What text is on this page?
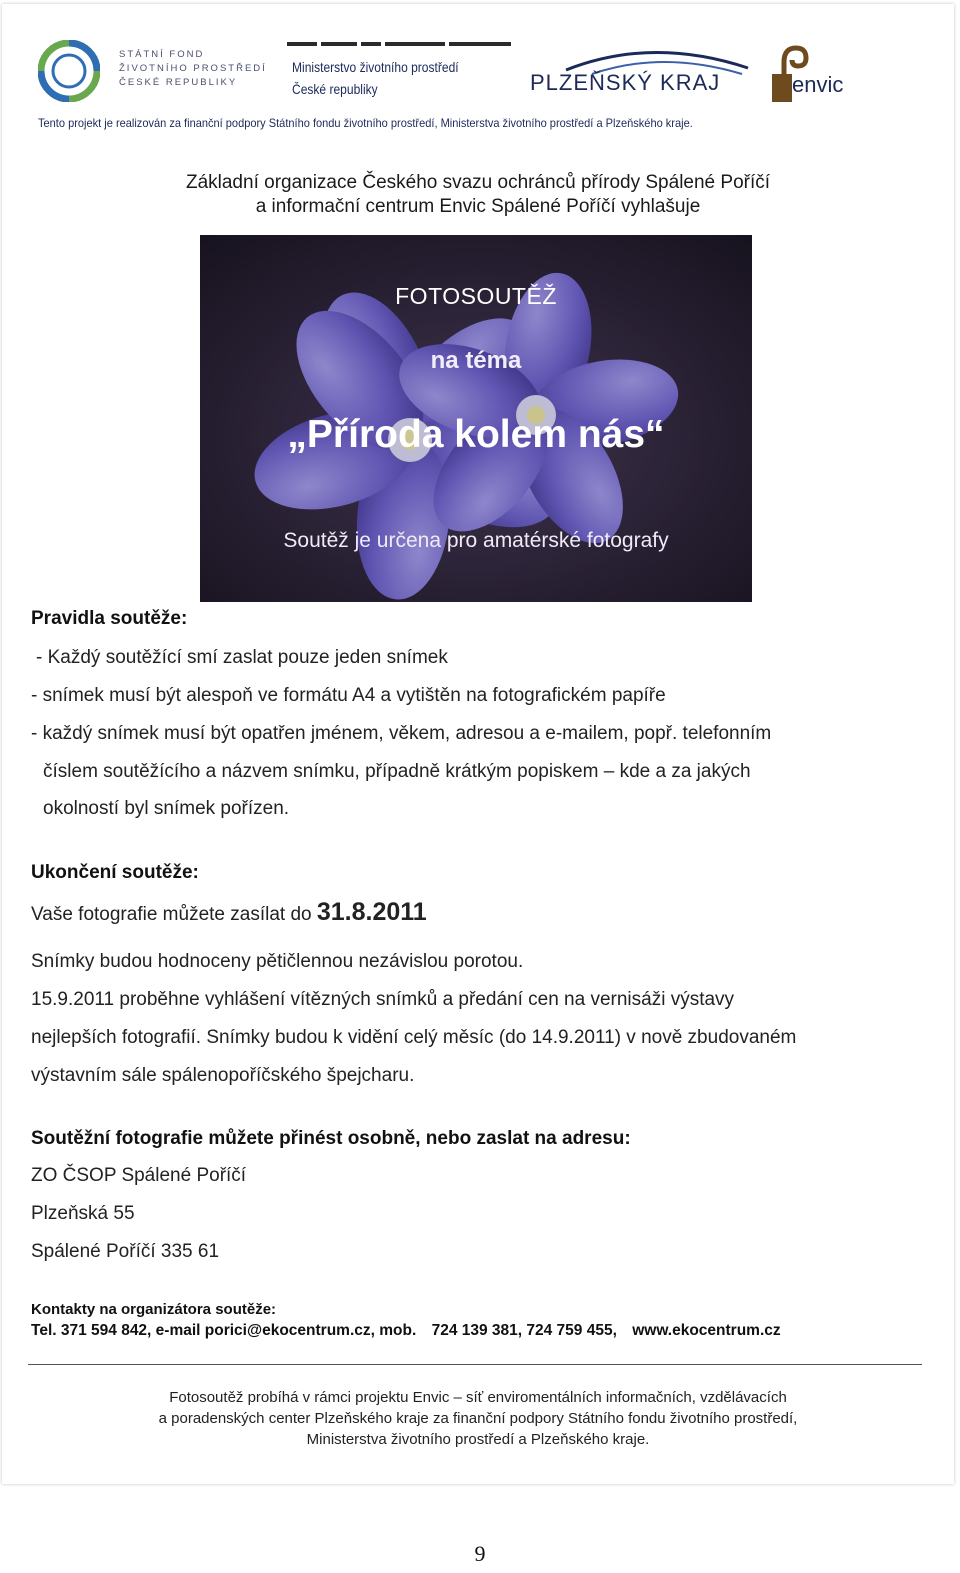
STÁTNÍ FOND
ŽIVOTNÍHO PROSTŘEDÍ
ČESKÉ REPUBLIKY
Ministerstvo životního prostředí
České republiky	PLZEŇSKÝ KRAJ	envic
Tento projekt je realizován za finanční podpory Státního fondu životního prostředí, Ministerstva životního prostředí a Plzeňského kraje.
Základní organizace Českého svazu ochránců přírody Spálené Poříčí
a informační centrum Envic Spálené Poříčí vyhlašuje
FOTOSOUTĚŽ
na téma
„Příroda kolem nás“
Soutěž je určena pro amatérské fotografy
Pravidla soutěže:
- Každý soutěžící smí zaslat pouze jeden snímek
- snímek musí být alespoň ve formátu A4 a vytištěn na fotografickém papíře
- každý snímek musí být opatřen jménem, věkem, adresou a e-mailem, popř. telefonním
číslem soutěžícího a názvem snímku, případně krátkým popiskem – kde a za jakých
okolností byl snímek pořízen.
Ukončení soutěže:
Vaše fotografie můžete zasílat do 31.8.2011
Snímky budou hodnoceny pětičlennou nezávislou porotou.
15.9.2011 proběhne vyhlášení vítězných snímků a předání cen na vernisáži výstavy
nejlepších fotografií. Snímky budou k vidění celý měsíc (do 14.9.2011) v nově zbudovaném
výstavním sále spálenopoříčského špejcharu.
Soutěžní fotografie můžete přinést osobně, nebo zaslat na adresu:
ZO ČSOP Spálené Poříčí
Plzeňská 55
Spálené Poříčí 335 61
Kontakty na organizátora soutěže:
Tel. 371 594 842, e-mail porici@ekocentrum.cz, mob. 724 139 381, 724 759 455, www.ekocentrum.cz
Fotosoutěž probíhá v rámci projektu Envic – síť enviromentálních informačních, vzdělávacích
a poradenských center Plzeňského kraje za finanční podpory Státního fondu životního prostředí,
Ministerstva životního prostředí a Plzeňského kraje.
9
